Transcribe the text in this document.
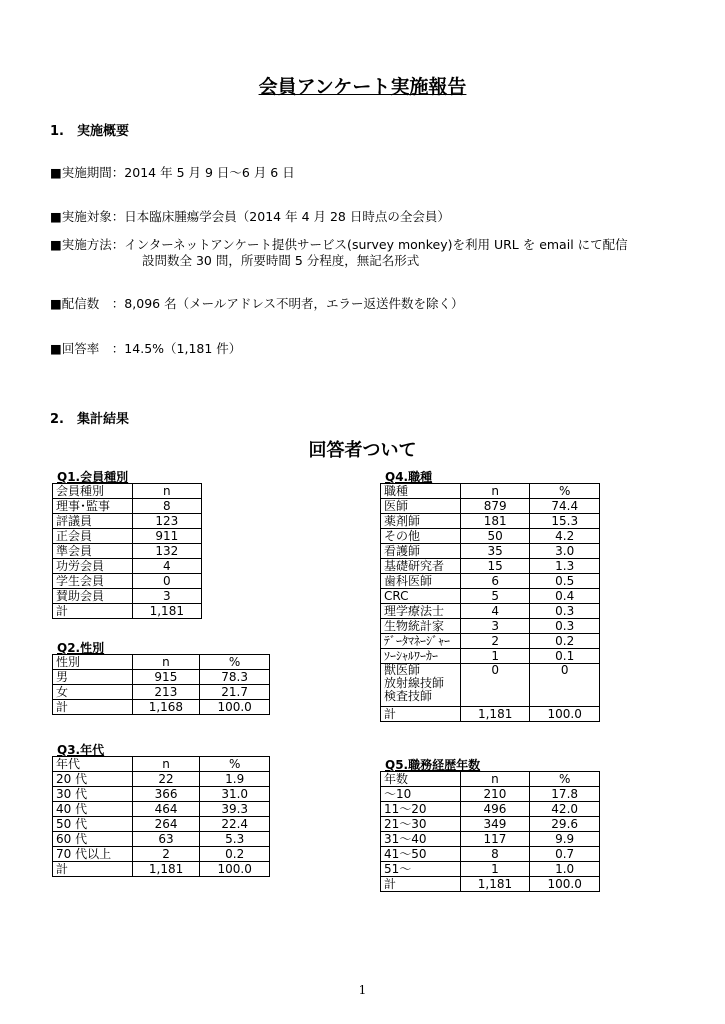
会員アンケート実施報告
1.　実施概要
■実施期間：2014 年 5 月 9 日～6 月 6 日
■実施対象：日本臨床腫瘍学会員（2014 年 4 月 28 日時点の全会員）
■実施方法：インターネットアンケート提供サービス(survey monkey)を利用 URL を email にて配信
設問数全 30 問，所要時間 5 分程度，無記名形式
■配信数　：8,096 名（メールアドレス不明者，エラー返送件数を除く）
■回答率　：14.5%（1,181 件）
2.　集計結果
回答者ついて
Q1.会員種別
会員種別	n
理事･監事	8
評議員	123
正会員	911
準会員	132
功労会員	4
学生会員	0
賛助会員	3
計	1,181
Q2.性別
性別	n	%
男	915	78.3
女	213	21.7
計	1,168	100.0
Q3.年代
年代	n	%
20 代	22	1.9
30 代	366	31.0
40 代	464	39.3
50 代	264	22.4
60 代	63	5.3
70 代以上	2	0.2
計	1,181	100.0
Q4.職種
職種	n	%
医師	879	74.4
薬剤師	181	15.3
その他	50	4.2
看護師	35	3.0
基礎研究者	15	1.3
歯科医師	6	0.5
CRC	5	0.4
理学療法士	4	0.3
生物統計家	3	0.3
ﾃﾞｰﾀﾏﾈｰｼﾞｬｰ	2	0.2
ｿｰｼｬﾙﾜｰｶｰ	1	0.1

獣医師
放射線技師
検査技師	0	0
計	1,181	100.0
Q5.職務経歴年数
年数	n	%
～10	210	17.8
11～20	496	42.0
21～30	349	29.6
31～40	117	9.9
41～50	8	0.7
51～	1	1.0
計	1,181	100.0
1
